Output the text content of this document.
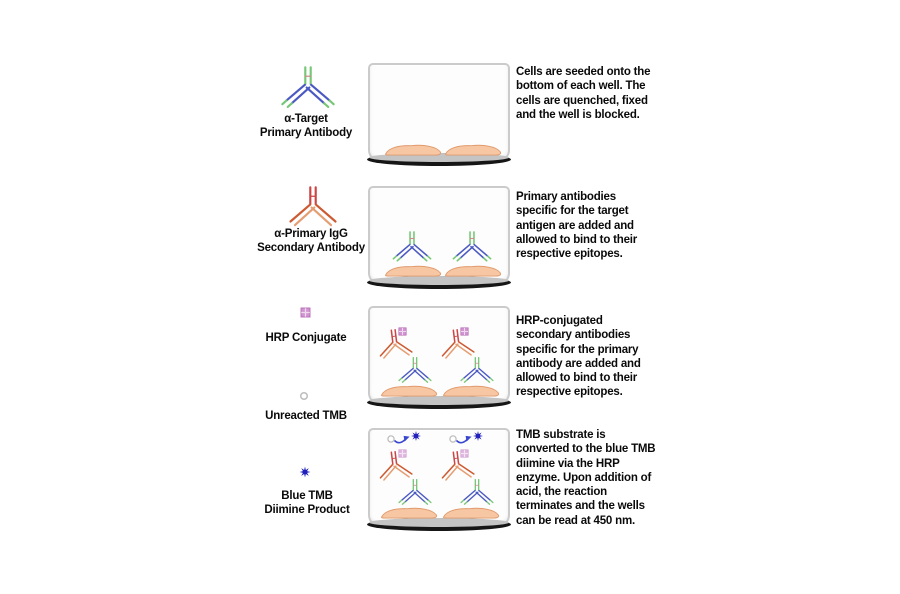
α-Target
Primary Antibody
Cells are seeded onto the bottom of each well. The cells are quenched, fixed and the well is blocked.
α-Primary IgG
Secondary Antibody
Primary antibodies specific for the target antigen are added and allowed to bind to their respective epitopes.
HRP Conjugate
Unreacted TMB
HRP-conjugated secondary antibodies specific for the primary antibody are added and allowed to bind to their respective epitopes.
Blue TMB
Diimine Product
TMB substrate is converted to the blue TMB diimine via the HRP enzyme. Upon addition of acid, the reaction terminates and the wells can be read at 450 nm.
